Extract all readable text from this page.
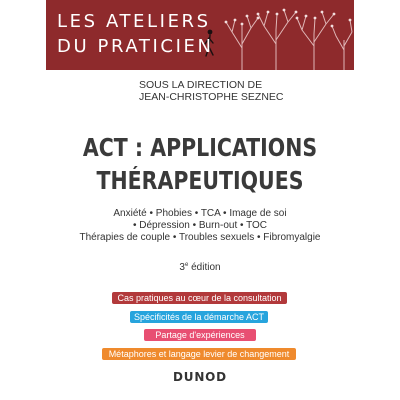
LES ATELIERS
DU PRATICIEN
SOUS LA DIRECTION DE
JEAN-CHRISTOPHE SEZNEC
ACT : APPLICATIONS
THÉRAPEUTIQUES
Anxiété • Phobies • TCA • Image de soi
• Dépression • Burn-out • TOC
Thérapies de couple • Troubles sexuels • Fibromyalgie
3e édition
Cas pratiques au cœur de la consultation
Spécificités de la démarche ACT
Partage d'expériences
Métaphores et langage levier de changement
DUNOD
